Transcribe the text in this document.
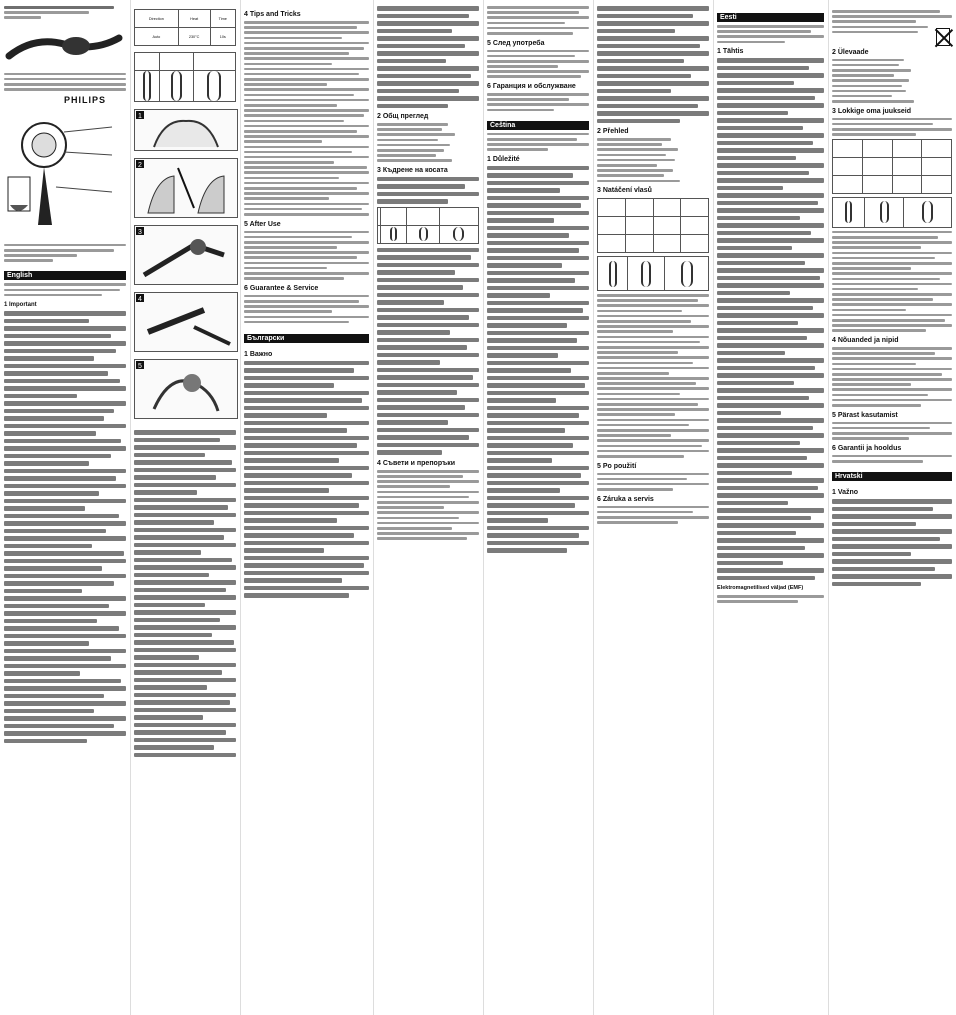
PHILIPS
English
1 Important
Direction	Heat	Time
Auto	230°C	10s

1

2

3

4

5
4 Tips and Tricks
5 After Use
6 Guarantee & Service
Български
1 Важно
2 Общ преглед
3 Къдрене на косата

4 Съвети и препоръки
5 След употреба
6 Гаранция и обслужване
Čeština
1 Důležité
2 Přehled
3 Natáčení vlasů

5 Po použití
6 Záruka a servis
Eesti
1 Tähtis
Elektromagnetilised väljad (EMF)
2 Ülevaade
3 Lokkige oma juukseid

4 Nõuanded ja nipid
5 Pärast kasutamist
6 Garantii ja hooldus
Hrvatski
1 Važno
